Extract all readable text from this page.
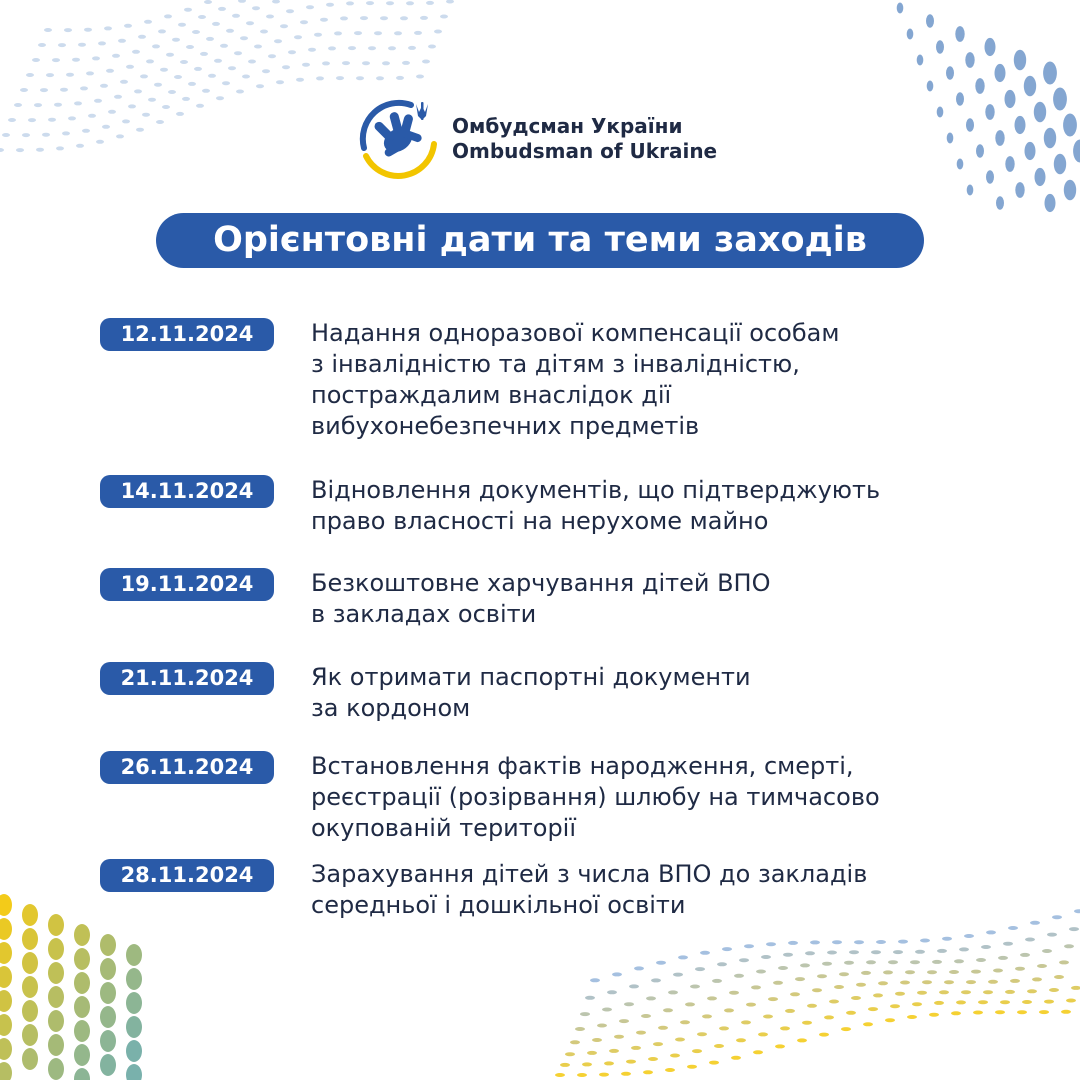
Омбудсман України
Ombudsman of Ukraine
Орієнтовні дати та теми заходів
12.11.2024	Надання одноразової компенсації особам
з інвалідністю та дітям з інвалідністю,
постраждалим внаслідок дії
вибухонебезпечних предметів
14.11.2024	Відновлення документів, що підтверджують
право власності на нерухоме майно
19.11.2024	Безкоштовне харчування дітей ВПО
в закладах освіти
21.11.2024	Як отримати паспортні документи
за кордоном
26.11.2024	Встановлення фактів народження, смерті,
реєстрації (розірвання) шлюбу на тимчасово
окупованій території
28.11.2024	Зарахування дітей з числа ВПО до закладів
середньої і дошкільної освіти
